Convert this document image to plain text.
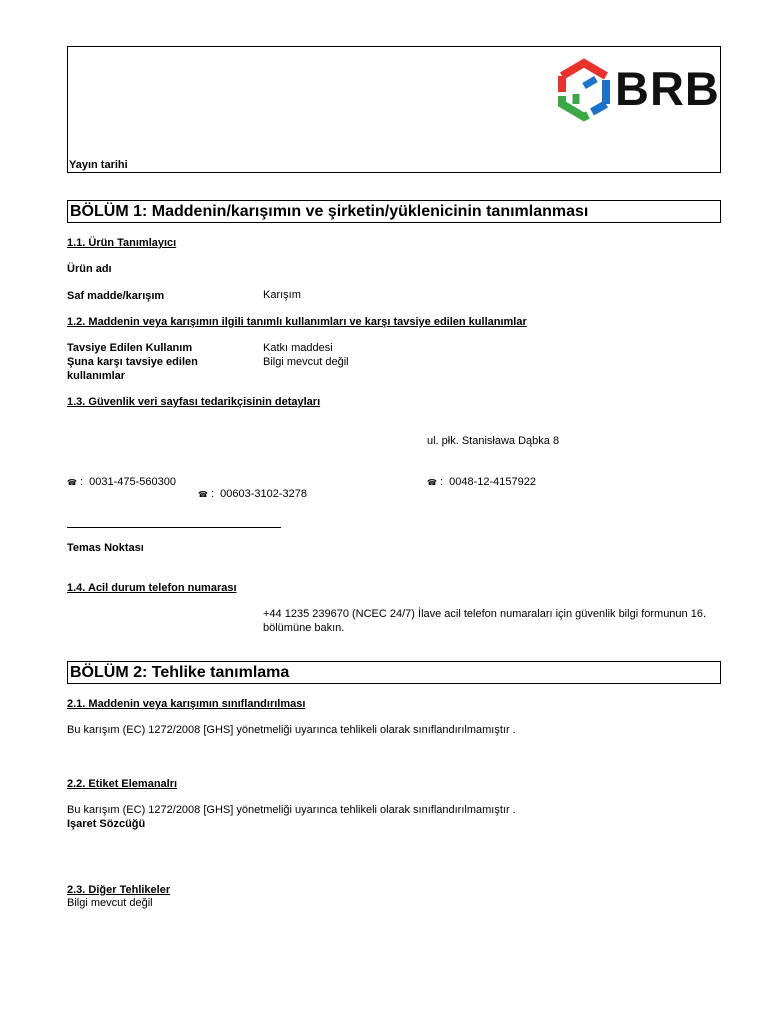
BRB
Yayın tarihi
BÖLÜM 1: Maddenin/karışımın ve şirketin/yüklenicinin tanımlanması
1.1. Ürün Tanımlayıcı
Ürün adı
Saf madde/karışım	Karışım
1.2. Maddenin veya karışımın ilgili tanımlı kullanımları ve karşı tavsiye edilen kullanımlar
Tavsiye Edilen Kullanım	Katkı maddesi
Şuna karşı tavsiye edilen
kullanımlar
Bilgi mevcut değil
1.3. Güvenlik veri sayfası tedarikçisinin detayları
ul. płk. Stanisława Dąbka 8
☎ :  0031-475-560300
☎ :  00603-3102-3278
☎ :  0048-12-4157922
Temas Noktası
1.4. Acil durum telefon numarası
+44 1235 239670 (NCEC 24/7) İlave acil telefon numaraları için güvenlik bilgi formunun 16.
bölümüne bakın.
BÖLÜM 2: Tehlike tanımlama
2.1. Maddenin veya karışımın sınıflandırılması
Bu karışım (EC) 1272/2008 [GHS] yönetmeliği uyarınca tehlikeli olarak sınıflandırılmamıştır .
2.2. Etiket Elemanalrı
Bu karışım (EC) 1272/2008 [GHS] yönetmeliği uyarınca tehlikeli olarak sınıflandırılmamıştır .
Işaret Sözcüğü
2.3. Diğer Tehlikeler
Bilgi mevcut değil
